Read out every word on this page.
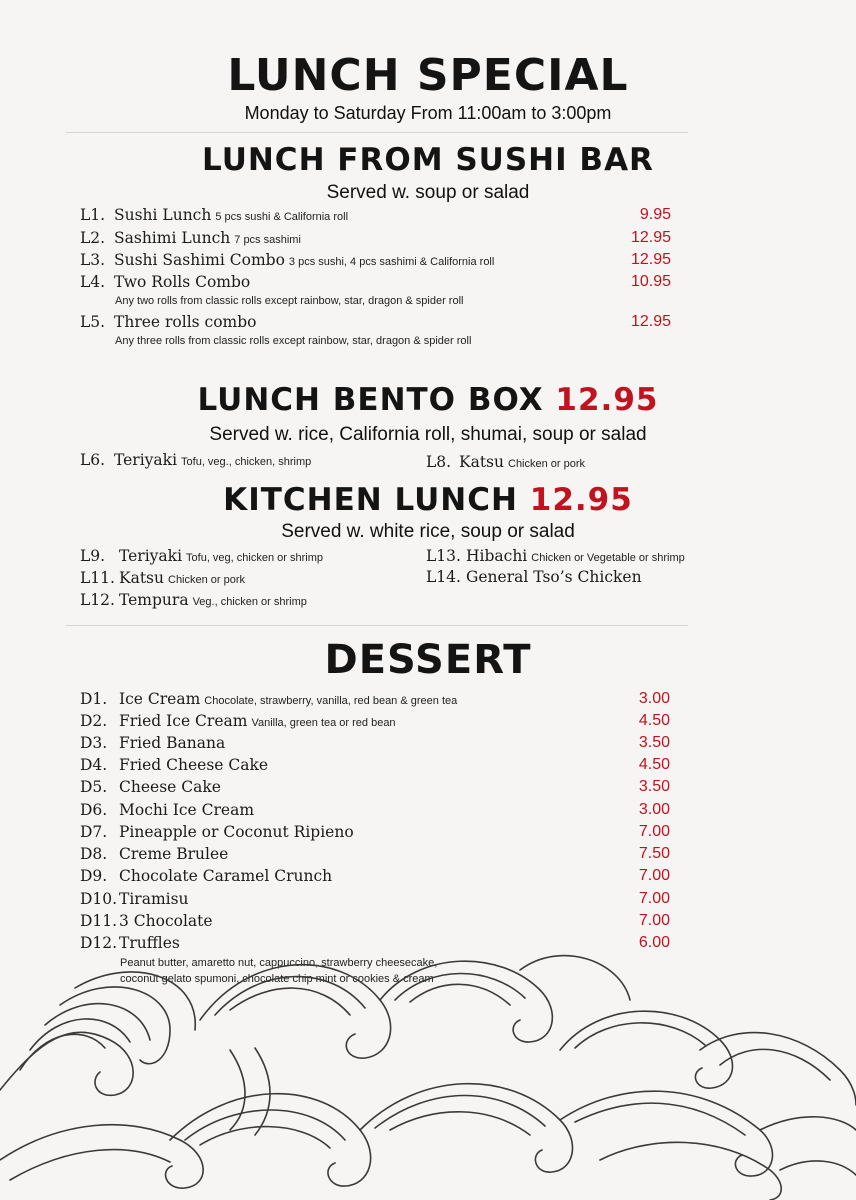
LUNCH SPECIAL
Monday to Saturday From 11:00am to 3:00pm
LUNCH FROM SUSHI BAR
Served w. soup or salad
L1. Sushi Lunch 5 pcs sushi & California roll	9.95
L2. Sashimi Lunch 7 pcs sashimi	12.95
L3. Sushi Sashimi Combo 3 pcs sushi, 4 pcs sashimi & California roll	12.95
L4. Two Rolls Combo	10.95
Any two rolls from classic rolls except rainbow, star, dragon & spider roll
L5. Three rolls combo	12.95
Any three rolls from classic rolls except rainbow, star, dragon & spider roll
LUNCH BENTO BOX 12.95
Served w. rice, California roll, shumai, soup or salad
L6. Teriyaki Tofu, veg., chicken, shrimp	L8. Katsu Chicken or pork
KITCHEN LUNCH 12.95
Served w. white rice, soup or salad
L9. Teriyaki Tofu, veg, chicken or shrimp
L11. Katsu Chicken or pork
L12. Tempura Veg., chicken or shrimp
L13. Hibachi Chicken or Vegetable or shrimp
L14. General Tso’s Chicken
DESSERT
D1. Ice Cream Chocolate, strawberry, vanilla, red bean & green tea	3.00
D2. Fried Ice Cream Vanilla, green tea or red bean	4.50
D3. Fried Banana	3.50
D4. Fried Cheese Cake	4.50
D5. Cheese Cake	3.50
D6. Mochi Ice Cream	3.00
D7. Pineapple or Coconut Ripieno	7.00
D8. Creme Brulee	7.50
D9. Chocolate Caramel Crunch	7.00
D10. Tiramisu	7.00
D11. 3 Chocolate	7.00
D12. Truffles	6.00
Peanut butter, amaretto nut, cappuccino, strawberry cheesecake,
coconut gelato spumoni, chocolate chip mint or cookies & cream
